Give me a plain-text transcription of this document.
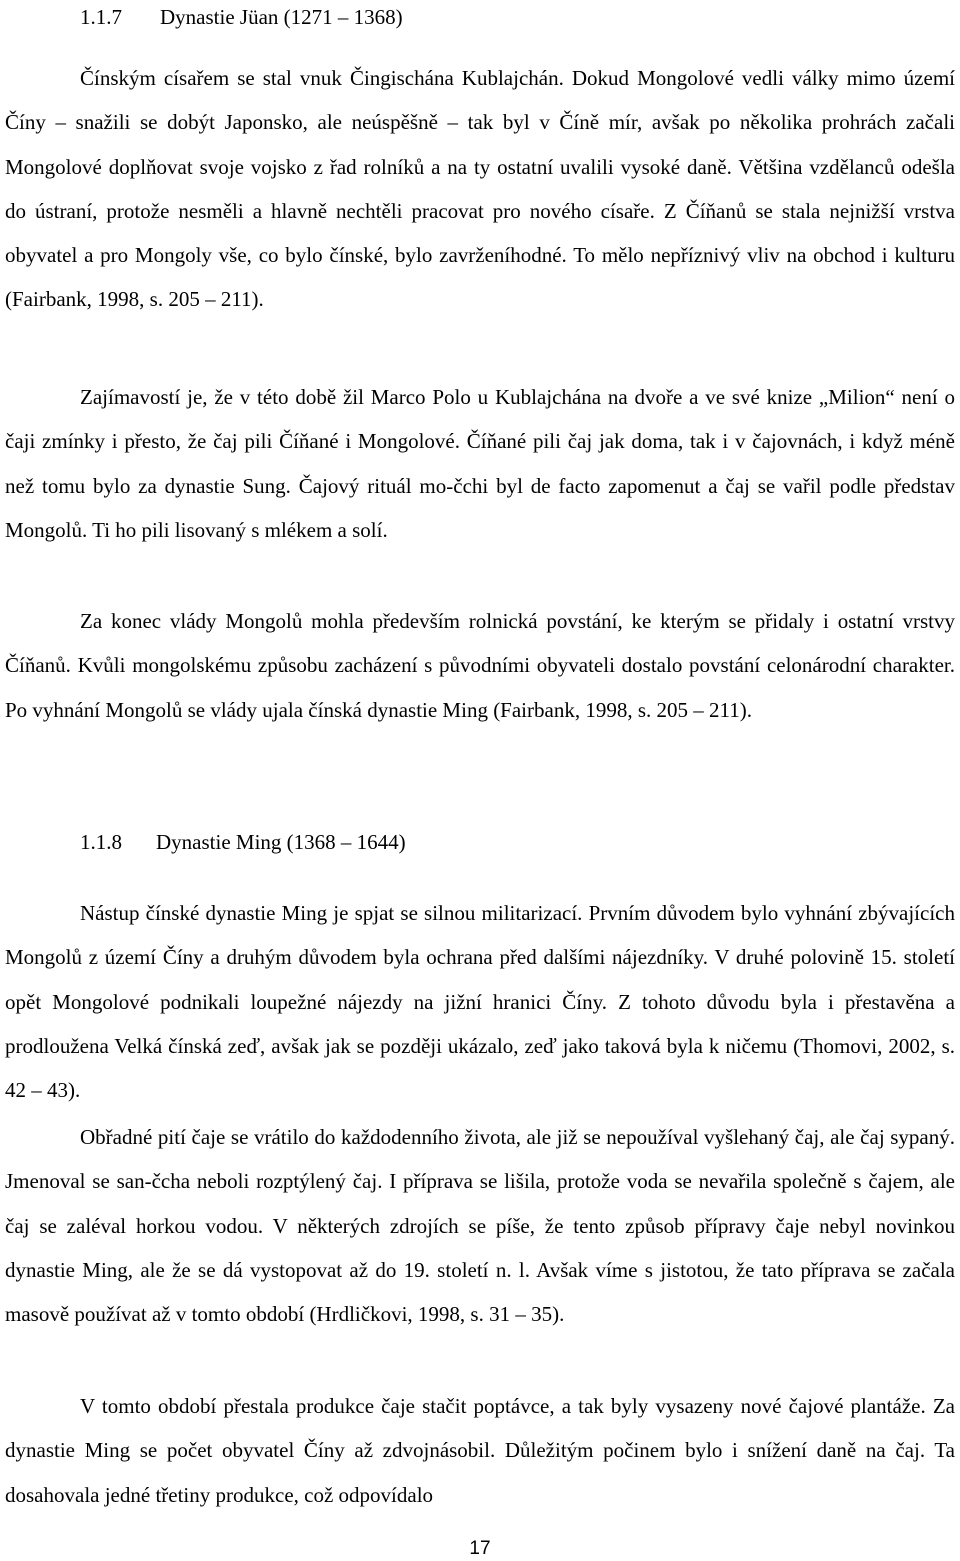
1.1.7 Dynastie Jüan (1271 – 1368)

Čínským císařem se stal vnuk Čingischána Kublajchán. Dokud Mongolové vedli války mimo území Číny – snažili se dobýt Japonsko, ale neúspěšně – tak byl v Číně mír, avšak po několika prohrách začali Mongolové doplňovat svoje vojsko z řad rolníků a na ty ostatní uvalili vysoké daně. Většina vzdělanců odešla do ústraní, protože nesměli a hlavně nechtěli pracovat pro nového císaře. Z Číňanů se stala nejnižší vrstva obyvatel a pro Mongoly vše, co bylo čínské, bylo zavrženíhodné. To mělo nepříznivý vliv na obchod i kulturu (Fairbank, 1998, s. 205 – 211).

Zajímavostí je, že v této době žil Marco Polo u Kublajchána na dvoře a ve své knize „Milion“ není o čaji zmínky i přesto, že čaj pili Číňané i Mongolové. Číňané pili čaj jak doma, tak i v čajovnách, i když méně než tomu bylo za dynastie Sung. Čajový rituál mo-čchi byl de facto zapomenut a čaj se vařil podle představ Mongolů. Ti ho pili lisovaný s mlékem a solí.

Za konec vlády Mongolů mohla především rolnická povstání, ke kterým se přidaly i ostatní vrstvy Číňanů. Kvůli mongolskému způsobu zacházení s původními obyvateli dostalo povstání celonárodní charakter. Po vyhnání Mongolů se vlády ujala čínská dynastie Ming (Fairbank, 1998, s. 205 – 211).

1.1.8 Dynastie Ming (1368 – 1644)

Nástup čínské dynastie Ming je spjat se silnou militarizací. Prvním důvodem bylo vyhnání zbývajících Mongolů z území Číny a druhým důvodem byla ochrana před dalšími nájezdníky. V druhé polovině 15. století opět Mongolové podnikali loupežné nájezdy na jižní hranici Číny. Z tohoto důvodu byla i přestavěna a prodloužena Velká čínská zeď, avšak jak se později ukázalo, zeď jako taková byla k ničemu (Thomovi, 2002, s. 42 – 43).

Obřadné pití čaje se vrátilo do každodenního života, ale již se nepoužíval vyšlehaný čaj, ale čaj sypaný. Jmenoval se san-čcha neboli rozptýlený čaj. I příprava se lišila, protože voda se nevařila společně s čajem, ale čaj se zaléval horkou vodou. V některých zdrojích se píše, že tento způsob přípravy čaje nebyl novinkou dynastie Ming, ale že se dá vystopovat až do 19. století n. l. Avšak víme s jistotou, že tato příprava se začala masově používat až v tomto období (Hrdličkovi, 1998, s. 31 – 35).

V tomto období přestala produkce čaje stačit poptávce, a tak byly vysazeny nové čajové plantáže. Za dynastie Ming se počet obyvatel Číny až zdvojnásobil. Důležitým počinem bylo i snížení daně na čaj. Ta dosahovala jedné třetiny produkce, což odpovídalo

17
